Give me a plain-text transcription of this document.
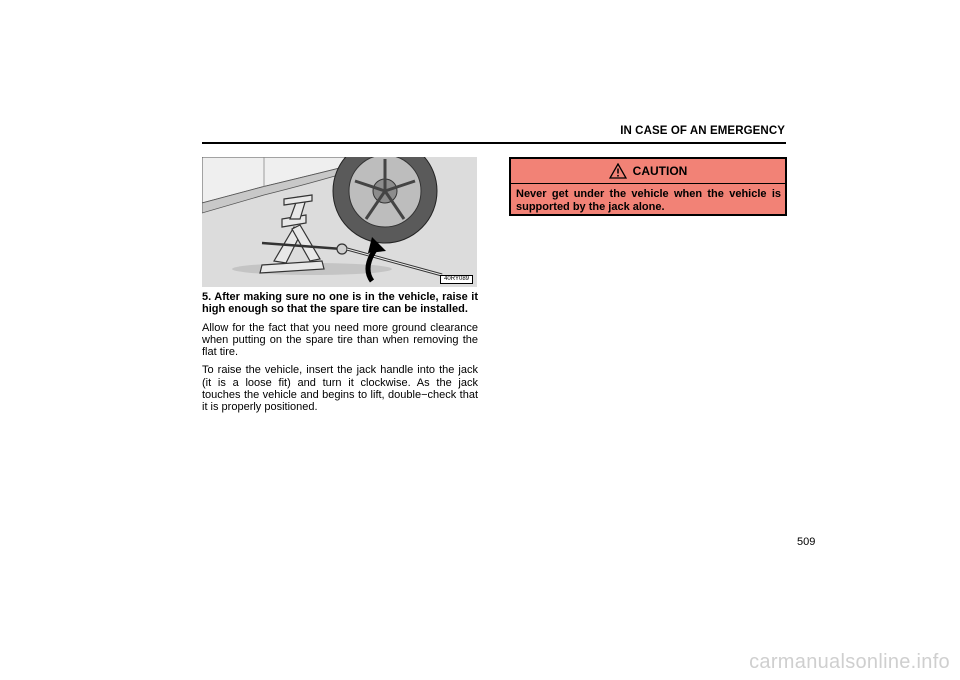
IN CASE OF AN EMERGENCY
40RY089

5. After making sure no one is in the vehicle, raise it high enough so that the spare tire can be installed.

Allow for the fact that you need more ground clearance when putting on the spare tire than when removing the flat tire.

To raise the vehicle, insert the jack handle into the jack (it is a loose fit) and turn it clockwise. As the jack touches the vehicle and begins to lift, double−check that it is properly positioned.

CAUTION
Never get under the vehicle when the vehicle is supported by the jack alone.
509
carmanualsonline.info
